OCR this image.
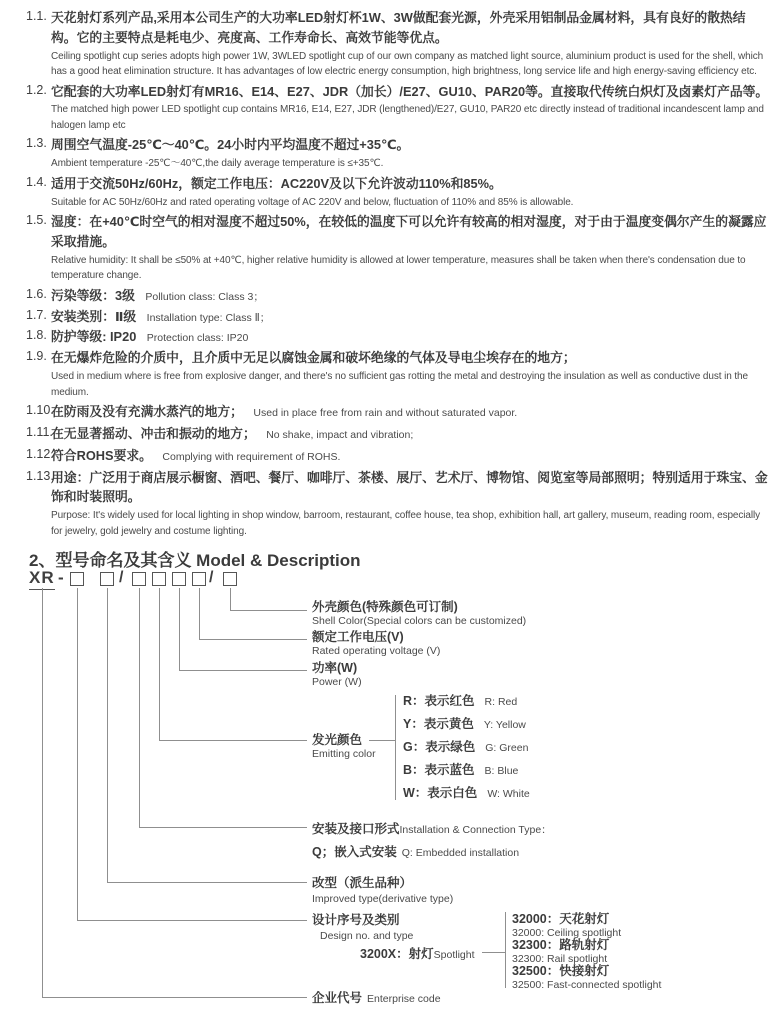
1.1. 天花射灯系列产品,采用本公司生产的大功率LED射灯杯1W、3W做配套光源，外壳采用铝制品金属材料，具有良好的散热结构。它的主要特点是耗电少、亮度高、工作寿命长、高效节能等优点。
Ceiling spotlight cup series adopts high power 1W, 3WLED spotlight cup of our own company as matched light source, aluminium product is used for the shell, which has a good heat elimination structure. It has advantages of low electric energy consumption, high brightness, long service life and high energy-saving efficiency etc.
1.2. 它配套的大功率LED射灯有MR16、E14、E27、JDR（加长）/E27、GU10、PAR20等。直接取代传统白炽灯及卤素灯产品等。
The matched high power LED spotlight cup contains MR16, E14, E27, JDR (lengthened)/E27, GU10, PAR20 etc directly instead of traditional incandescent lamp and halogen lamp etc
1.3. 周围空气温度-25℃～40℃。24小时内平均温度不超过+35℃。
Ambient temperature -25℃～40℃,the daily average temperature is ≤+35℃.
1.4. 适用于交流50Hz/60Hz，额定工作电压：AC220V及以下允许波动110%和85%。
Suitable for AC 50Hz/60Hz and rated operating voltage of AC 220V and below, fluctuation of 110% and 85% is allowable.
1.5. 湿度：在+40℃时空气的相对湿度不超过50%，在较低的温度下可以允许有较高的相对湿度，对于由于温度变偶尔产生的凝露应采取措施。
Relative humidity: It shall be ≤50% at +40℃, higher relative humidity is allowed at lower temperature, measures shall be taken when there's condensation due to temperature change.
1.6. 污染等级：3级 Pollution class: Class 3；
1.7. 安装类别：Ⅱ级 Installation type: Class Ⅱ；
1.8. 防护等级: IP20 Protection class: IP20
1.9. 在无爆炸危险的介质中，且介质中无足以腐蚀金属和破坏绝缘的气体及导电尘埃存在的地方；
Used in medium where is free from explosive danger, and there's no sufficient gas rotting the metal and destroying the insulation as well as conductive dust in the medium.
1.10.
在防雨及没有充满水蒸汽的地方； Used in place free from rain and without saturated vapor.
1.11.
在无显著摇动、冲击和振动的地方； No shake, impact and vibration;
1.12.
符合ROHS要求。 Complying with requirement of ROHS.
1.13.
用途：广泛用于商店展示橱窗、酒吧、餐厅、咖啡厅、茶楼、展厅、艺术厅、博物馆、阅览室等局部照明；特别适用于珠宝、金饰和时装照明。
Purpose: It's widely used for local lighting in shop window, barroom, restaurant, coffee house, tea shop, exhibition hall, art gallery, museum, reading room, especially for jewelry, gold jewelry and costume lighting.
2、型号命名及其含义 Model & Description
XR -	/	/
外壳颜色(特殊颜色可订制)
Shell Color(Special colors can be customized)
额定工作电压(V)
Rated operating voltage (V)
功率(W)
Power (W)
发光颜色
Emitting color
R：表示红色 R: Red
Y：表示黄色 Y: Yellow
G：表示绿色 G: Green
B：表示蓝色 B: Blue
W：表示白色 W: White
安装及接口形式Installation & Connection Type：
Q；嵌入式安装 Q: Embedded installation
改型（派生品种）
Improved type(derivative type)
设计序号及类别
Design no. and type
3200X：射灯Spotlight
32000：天花射灯
32000: Ceiling spotlight
32300：路轨射灯
32300: Rail spotlight
32500：快接射灯
32500: Fast-connected spotlight
企业代号 Enterprise code
